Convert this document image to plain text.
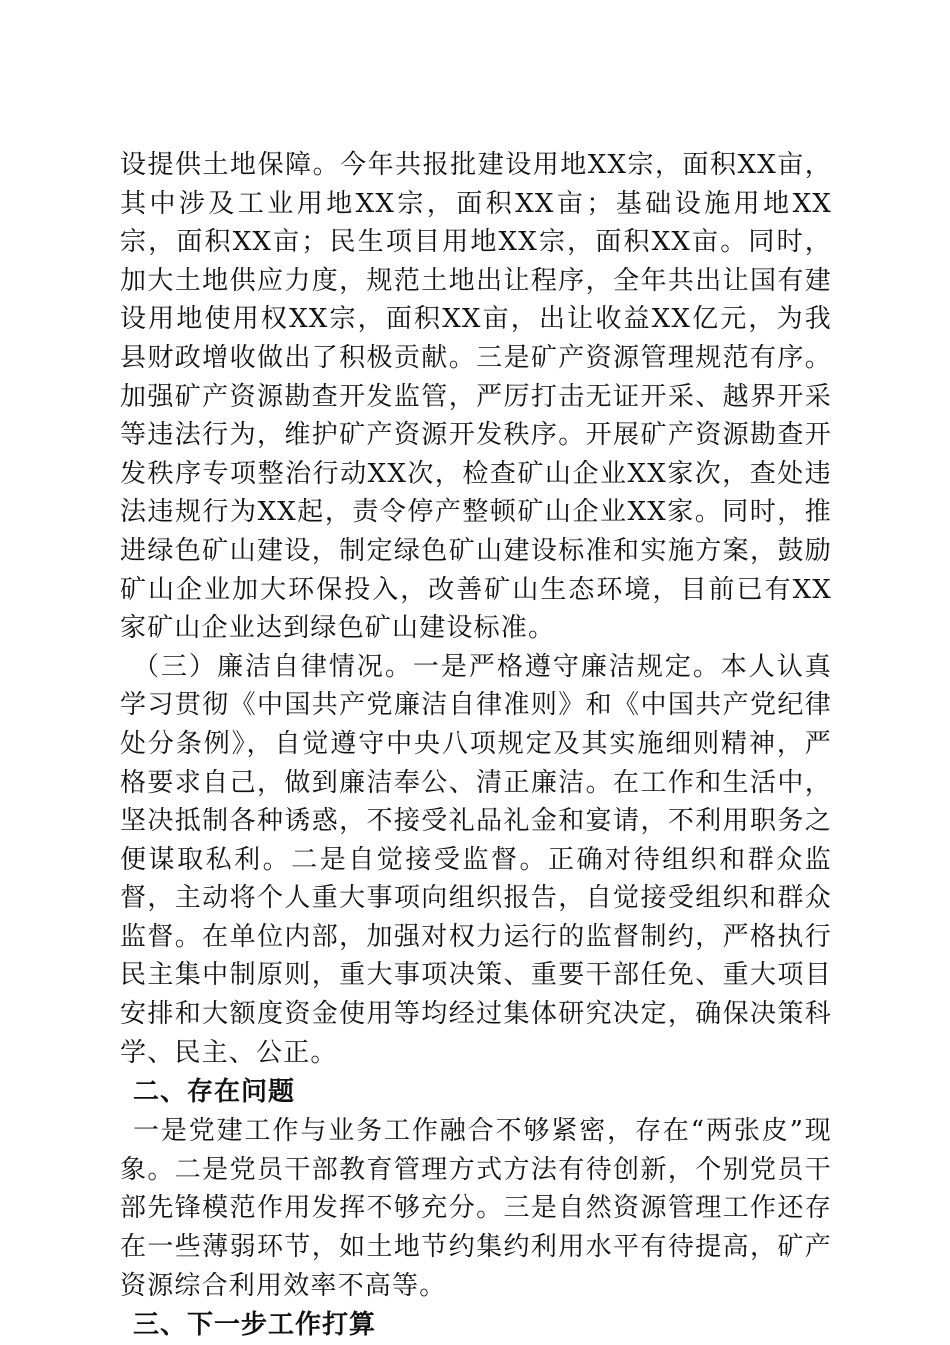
设提供土地保障。今年共报批建设用地XX宗，面积XX亩，其中涉及工业用地XX宗，面积XX亩；基础设施用地XX宗，面积XX亩；民生项目用地XX宗，面积XX亩。同时，加大土地供应力度，规范土地出让程序，全年共出让国有建设用地使用权XX宗，面积XX亩，出让收益XX亿元，为我县财政增收做出了积极贡献。三是矿产资源管理规范有序。加强矿产资源勘查开发监管，严厉打击无证开采、越界开采等违法行为，维护矿产资源开发秩序。开展矿产资源勘查开发秩序专项整治行动XX次，检查矿山企业XX家次，查处违法违规行为XX起，责令停产整顿矿山企业XX家。同时，推进绿色矿山建设，制定绿色矿山建设标准和实施方案，鼓励矿山企业加大环保投入，改善矿山生态环境，目前已有XX家矿山企业达到绿色矿山建设标准。

（三）廉洁自律情况。一是严格遵守廉洁规定。本人认真学习贯彻《中国共产党廉洁自律准则》和《中国共产党纪律处分条例》，自觉遵守中央八项规定及其实施细则精神，严格要求自己，做到廉洁奉公、清正廉洁。在工作和生活中，坚决抵制各种诱惑，不接受礼品礼金和宴请，不利用职务之便谋取私利。二是自觉接受监督。正确对待组织和群众监督，主动将个人重大事项向组织报告，自觉接受组织和群众监督。在单位内部，加强对权力运行的监督制约，严格执行民主集中制原则，重大事项决策、重要干部任免、重大项目安排和大额度资金使用等均经过集体研究决定，确保决策科学、民主、公正。

二、存在问题

一是党建工作与业务工作融合不够紧密，存在“两张皮”现象。二是党员干部教育管理方式方法有待创新，个别党员干部先锋模范作用发挥不够充分。三是自然资源管理工作还存在一些薄弱环节，如土地节约集约利用水平有待提高，矿产资源综合利用效率不高等。

三、下一步工作打算
